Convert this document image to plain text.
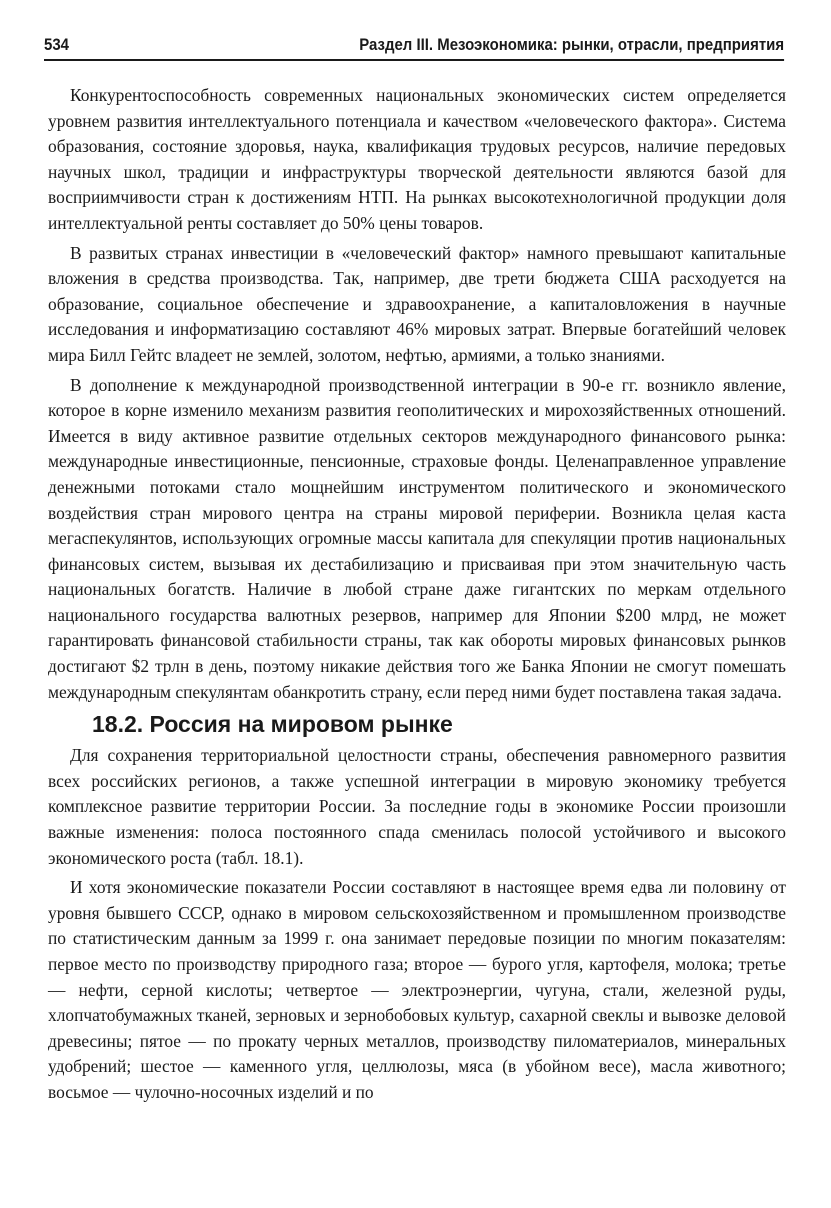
534	Раздел III. Мезоэкономика: рынки, отрасли, предприятия

Конкурентоспособность современных национальных экономических систем определяется уровнем развития интеллектуального потенциала и качеством «человеческого фактора». Система образования, состояние здоровья, наука, квалификация трудовых ресурсов, наличие передовых научных школ, традиции и инфраструктуры творческой деятельности являются базой для восприимчивости стран к достижениям НТП. На рынках высокотехнологичной продукции доля интеллектуальной ренты составляет до 50% цены товаров.

В развитых странах инвестиции в «человеческий фактор» намного превышают капитальные вложения в средства производства. Так, например, две трети бюджета США расходуется на образование, социальное обеспечение и здравоохранение, а капиталовложения в научные исследования и информатизацию составляют 46% мировых затрат. Впервые богатейший человек мира Билл Гейтс владеет не землей, золотом, нефтью, армиями, а только знаниями.

В дополнение к международной производственной интеграции в 90-е гг. возникло явление, которое в корне изменило механизм развития геополитических и мирохозяйственных отношений. Имеется в виду активное развитие отдельных секторов международного финансового рынка: международные инвестиционные, пенсионные, страховые фонды. Целенаправленное управление денежными потоками стало мощнейшим инструментом политического и экономического воздействия стран мирового центра на страны мировой периферии. Возникла целая каста мегаспекулянтов, использующих огромные массы капитала для спекуляции против национальных финансовых систем, вызывая их дестабилизацию и присваивая при этом значительную часть национальных богатств. Наличие в любой стране даже гигантских по меркам отдельного национального государства валютных резервов, например для Японии $200 млрд, не может гарантировать финансовой стабильности страны, так как обороты мировых финансовых рынков достигают $2 трлн в день, поэтому никакие действия того же Банка Японии не смогут помешать международным спекулянтам обанкротить страну, если перед ними будет поставлена такая задача.

18.2. Россия на мировом рынке

Для сохранения территориальной целостности страны, обеспечения равномерного развития всех российских регионов, а также успешной интеграции в мировую экономику требуется комплексное развитие территории России. За последние годы в экономике России произошли важные изменения: полоса постоянного спада сменилась полосой устойчивого и высокого экономического роста (табл. 18.1).

И хотя экономические показатели России составляют в настоящее время едва ли половину от уровня бывшего СССР, однако в мировом сельскохозяйственном и промышленном производстве по статистическим данным за 1999 г. она занимает передовые позиции по многим показателям: первое место по производству природного газа; второе — бурого угля, картофеля, молока; третье — нефти, серной кислоты; четвертое — электроэнергии, чугуна, стали, железной руды, хлопчатобумажных тканей, зерновых и зернобобовых культур, сахарной свеклы и вывозке деловой древесины; пятое — по прокату черных металлов, производству пиломатериалов, минеральных удобрений; шестое — каменного угля, целлюлозы, мяса (в убойном весе), масла животного; восьмое — чулочно-носочных изделий и по
